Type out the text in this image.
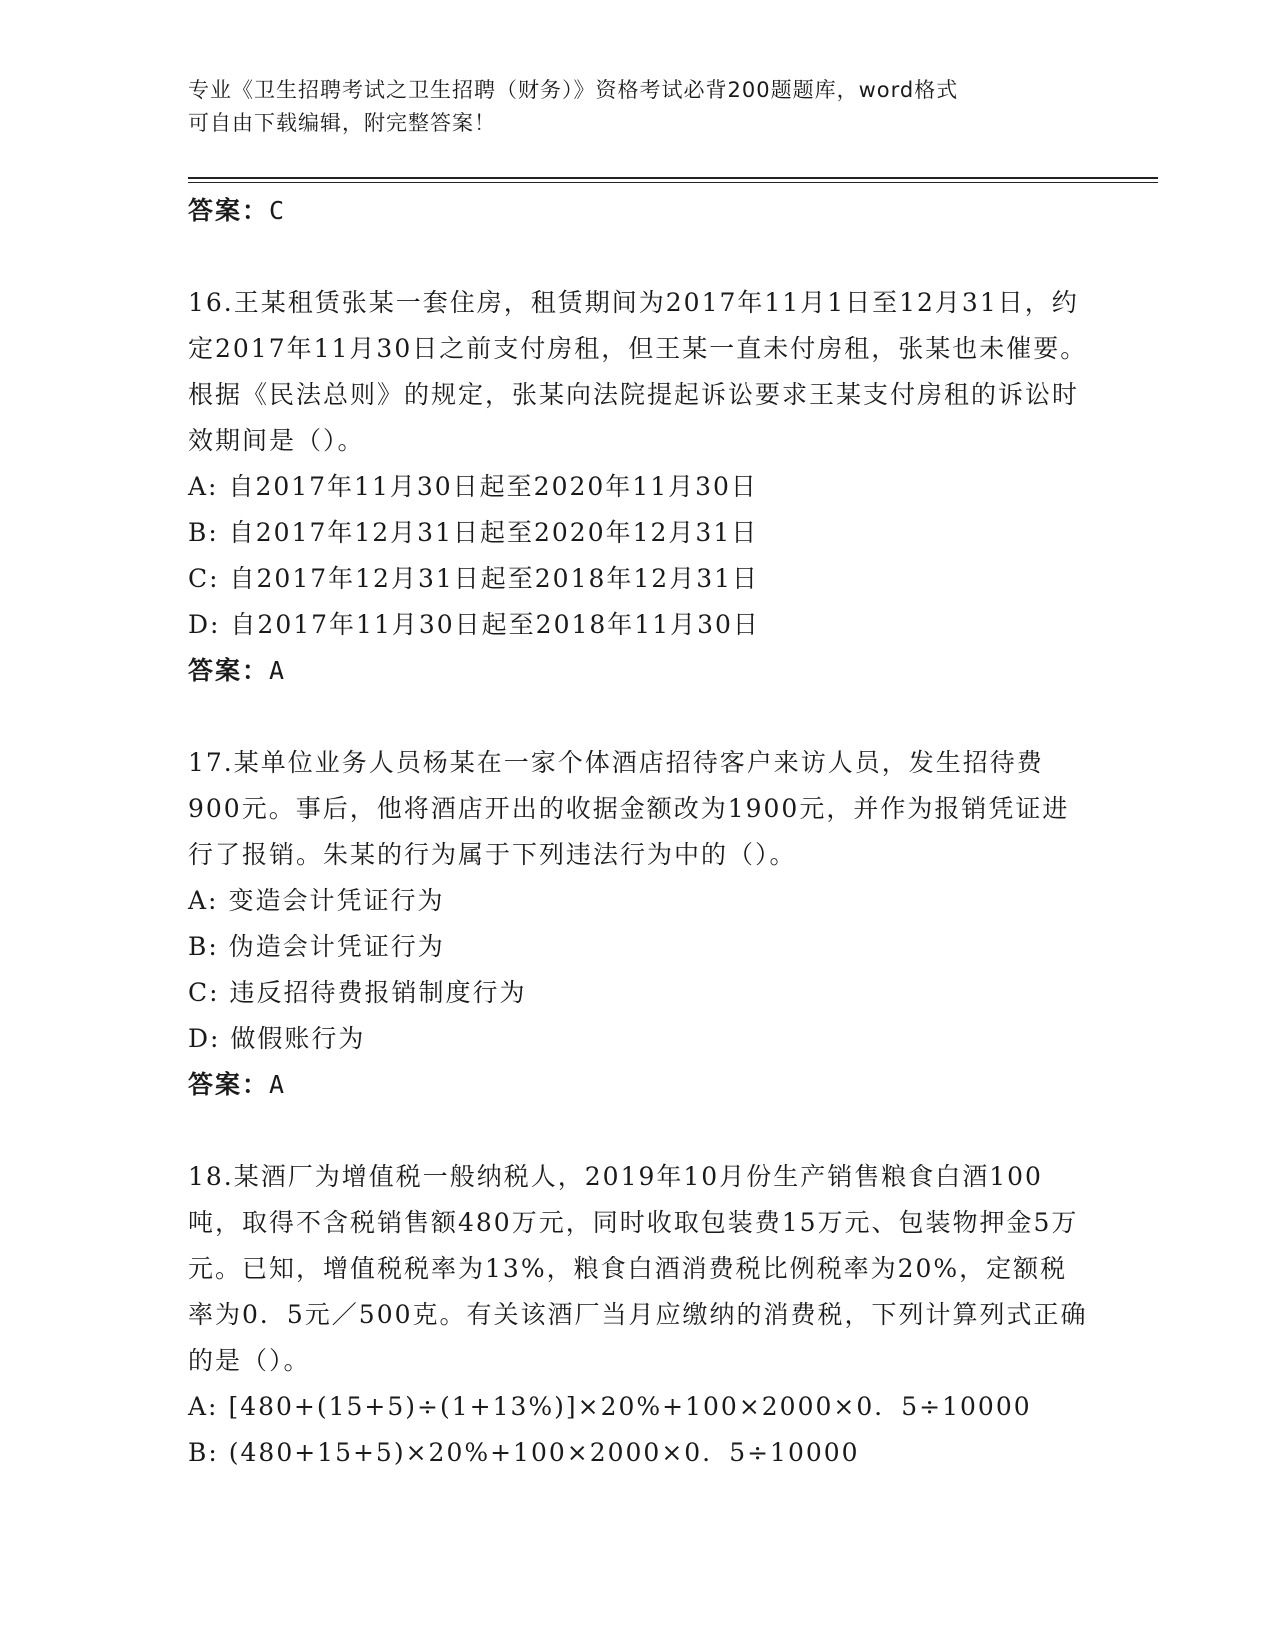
专业《卫生招聘考试之卫生招聘（财务）》资格考试必背200题题库，word格式
可自由下载编辑，附完整答案！
答案：C
16.王某租赁张某一套住房，租赁期间为2017年11月1日至12月31日，约定2017年11月30日之前支付房租，但王某一直未付房租，张某也未催要。根据《民法总则》的规定，张某向法院提起诉讼要求王某支付房租的诉讼时效期间是（）。
A: 自2017年11月30日起至2020年11月30日
B: 自2017年12月31日起至2020年12月31日
C: 自2017年12月31日起至2018年12月31日
D: 自2017年11月30日起至2018年11月30日
答案：A
17.某单位业务人员杨某在一家个体酒店招待客户来访人员，发生招待费900元。事后，他将酒店开出的收据金额改为1900元，并作为报销凭证进行了报销。朱某的行为属于下列违法行为中的（）。
A: 变造会计凭证行为
B: 伪造会计凭证行为
C: 违反招待费报销制度行为
D: 做假账行为
答案：A
18.某酒厂为增值税一般纳税人，2019年10月份生产销售粮食白酒100吨，取得不含税销售额480万元，同时收取包装费15万元、包装物押金5万元。已知，增值税税率为13%，粮食白酒消费税比例税率为20%，定额税率为0．5元／500克。有关该酒厂当月应缴纳的消费税，下列计算列式正确的是（）。
A: [480+(15+5)÷(1+13%)]×20%+100×2000×0．5÷10000
B: (480+15+5)×20%+100×2000×0．5÷10000
